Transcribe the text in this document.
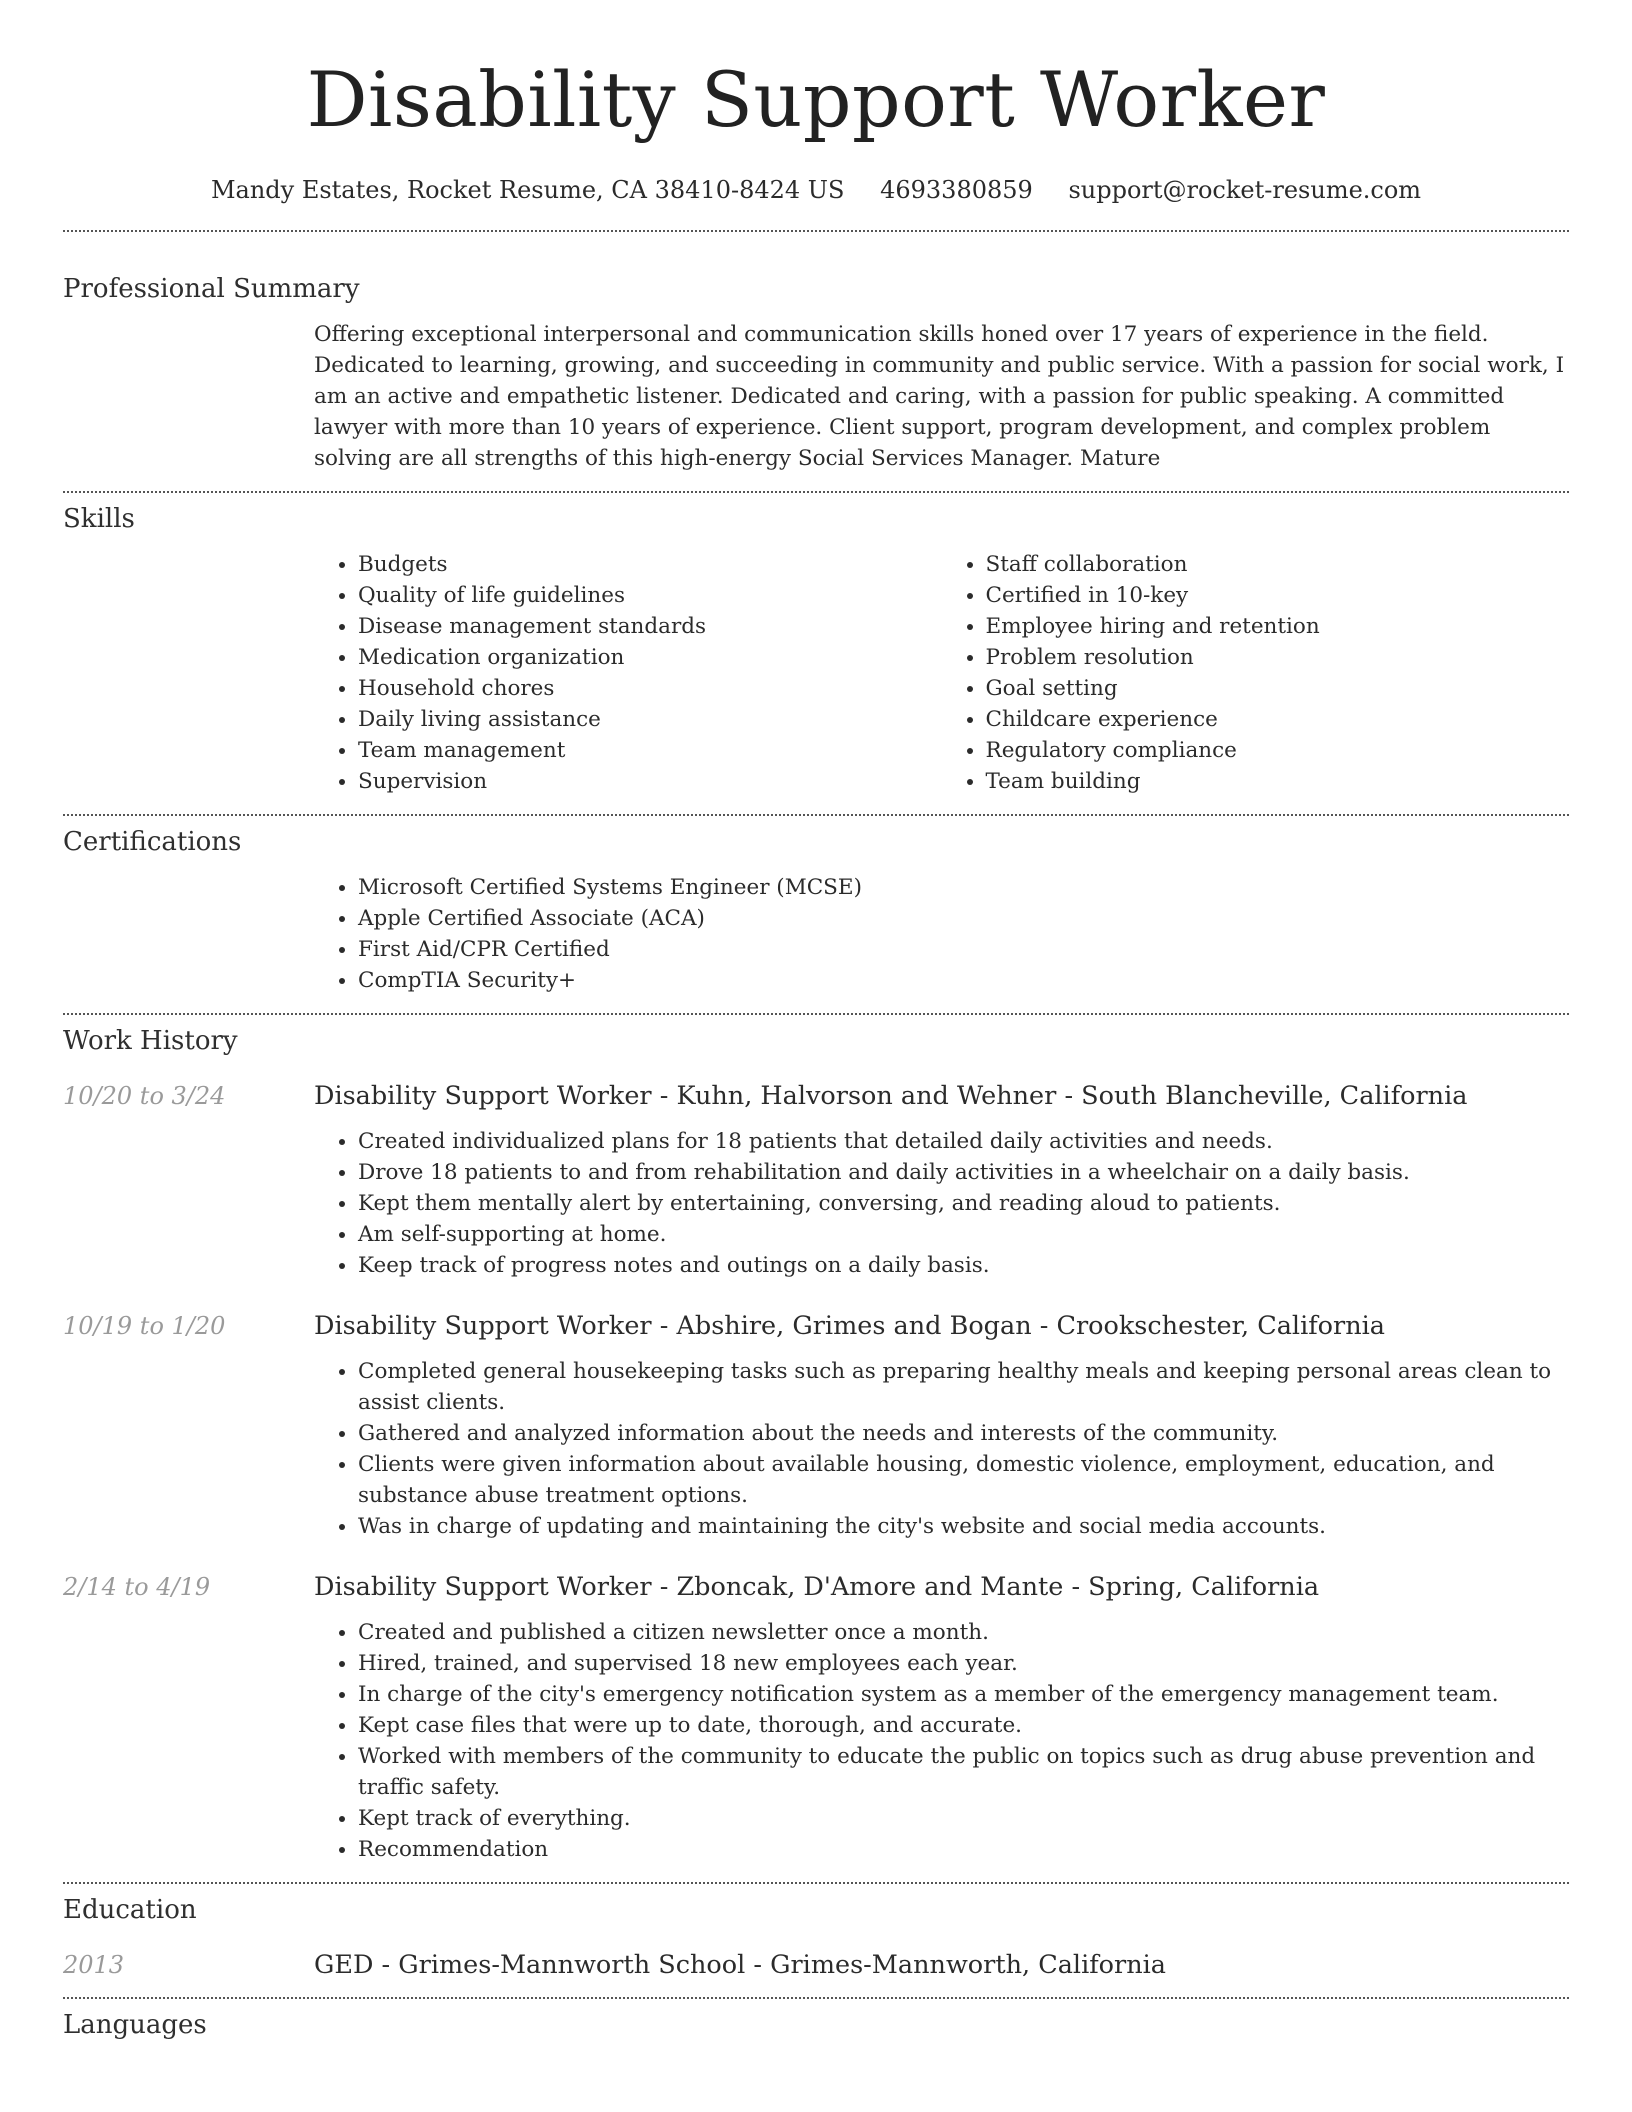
Disability Support Worker
Mandy Estates, Rocket Resume, CA 38410-8424 US 4693380859 support@rocket-resume.com
Professional Summary
Offering exceptional interpersonal and communication skills honed over 17 years of experience in the field. Dedicated to learning, growing, and succeeding in community and public service. With a passion for social work, I am an active and empathetic listener. Dedicated and caring, with a passion for public speaking. A committed lawyer with more than 10 years of experience. Client support, program development, and complex problem solving are all strengths of this high-energy Social Services Manager. Mature
Skills
• Budgets
• Quality of life guidelines
• Disease management standards
• Medication organization
• Household chores
• Daily living assistance
• Team management
• Supervision
• Staff collaboration
• Certified in 10-key
• Employee hiring and retention
• Problem resolution
• Goal setting
• Childcare experience
• Regulatory compliance
• Team building
Certifications
• Microsoft Certified Systems Engineer (MCSE)
• Apple Certified Associate (ACA)
• First Aid/CPR Certified
• CompTIA Security+
Work History
10/20 to 3/24	Disability Support Worker - Kuhn, Halvorson and Wehner - South Blancheville, California
• Created individualized plans for 18 patients that detailed daily activities and needs.
• Drove 18 patients to and from rehabilitation and daily activities in a wheelchair on a daily basis.
• Kept them mentally alert by entertaining, conversing, and reading aloud to patients.
• Am self-supporting at home.
• Keep track of progress notes and outings on a daily basis.
10/19 to 1/20	Disability Support Worker - Abshire, Grimes and Bogan - Crookschester, California
• Completed general housekeeping tasks such as preparing healthy meals and keeping personal areas clean to assist clients.
• Gathered and analyzed information about the needs and interests of the community.
• Clients were given information about available housing, domestic violence, employment, education, and substance abuse treatment options.
• Was in charge of updating and maintaining the city's website and social media accounts.
2/14 to 4/19	Disability Support Worker - Zboncak, D'Amore and Mante - Spring, California
• Created and published a citizen newsletter once a month.
• Hired, trained, and supervised 18 new employees each year.
• In charge of the city's emergency notification system as a member of the emergency management team.
• Kept case files that were up to date, thorough, and accurate.
• Worked with members of the community to educate the public on topics such as drug abuse prevention and traffic safety.
• Kept track of everything.
• Recommendation
Education
2013	GED - Grimes-Mannworth School - Grimes-Mannworth, California
Languages
